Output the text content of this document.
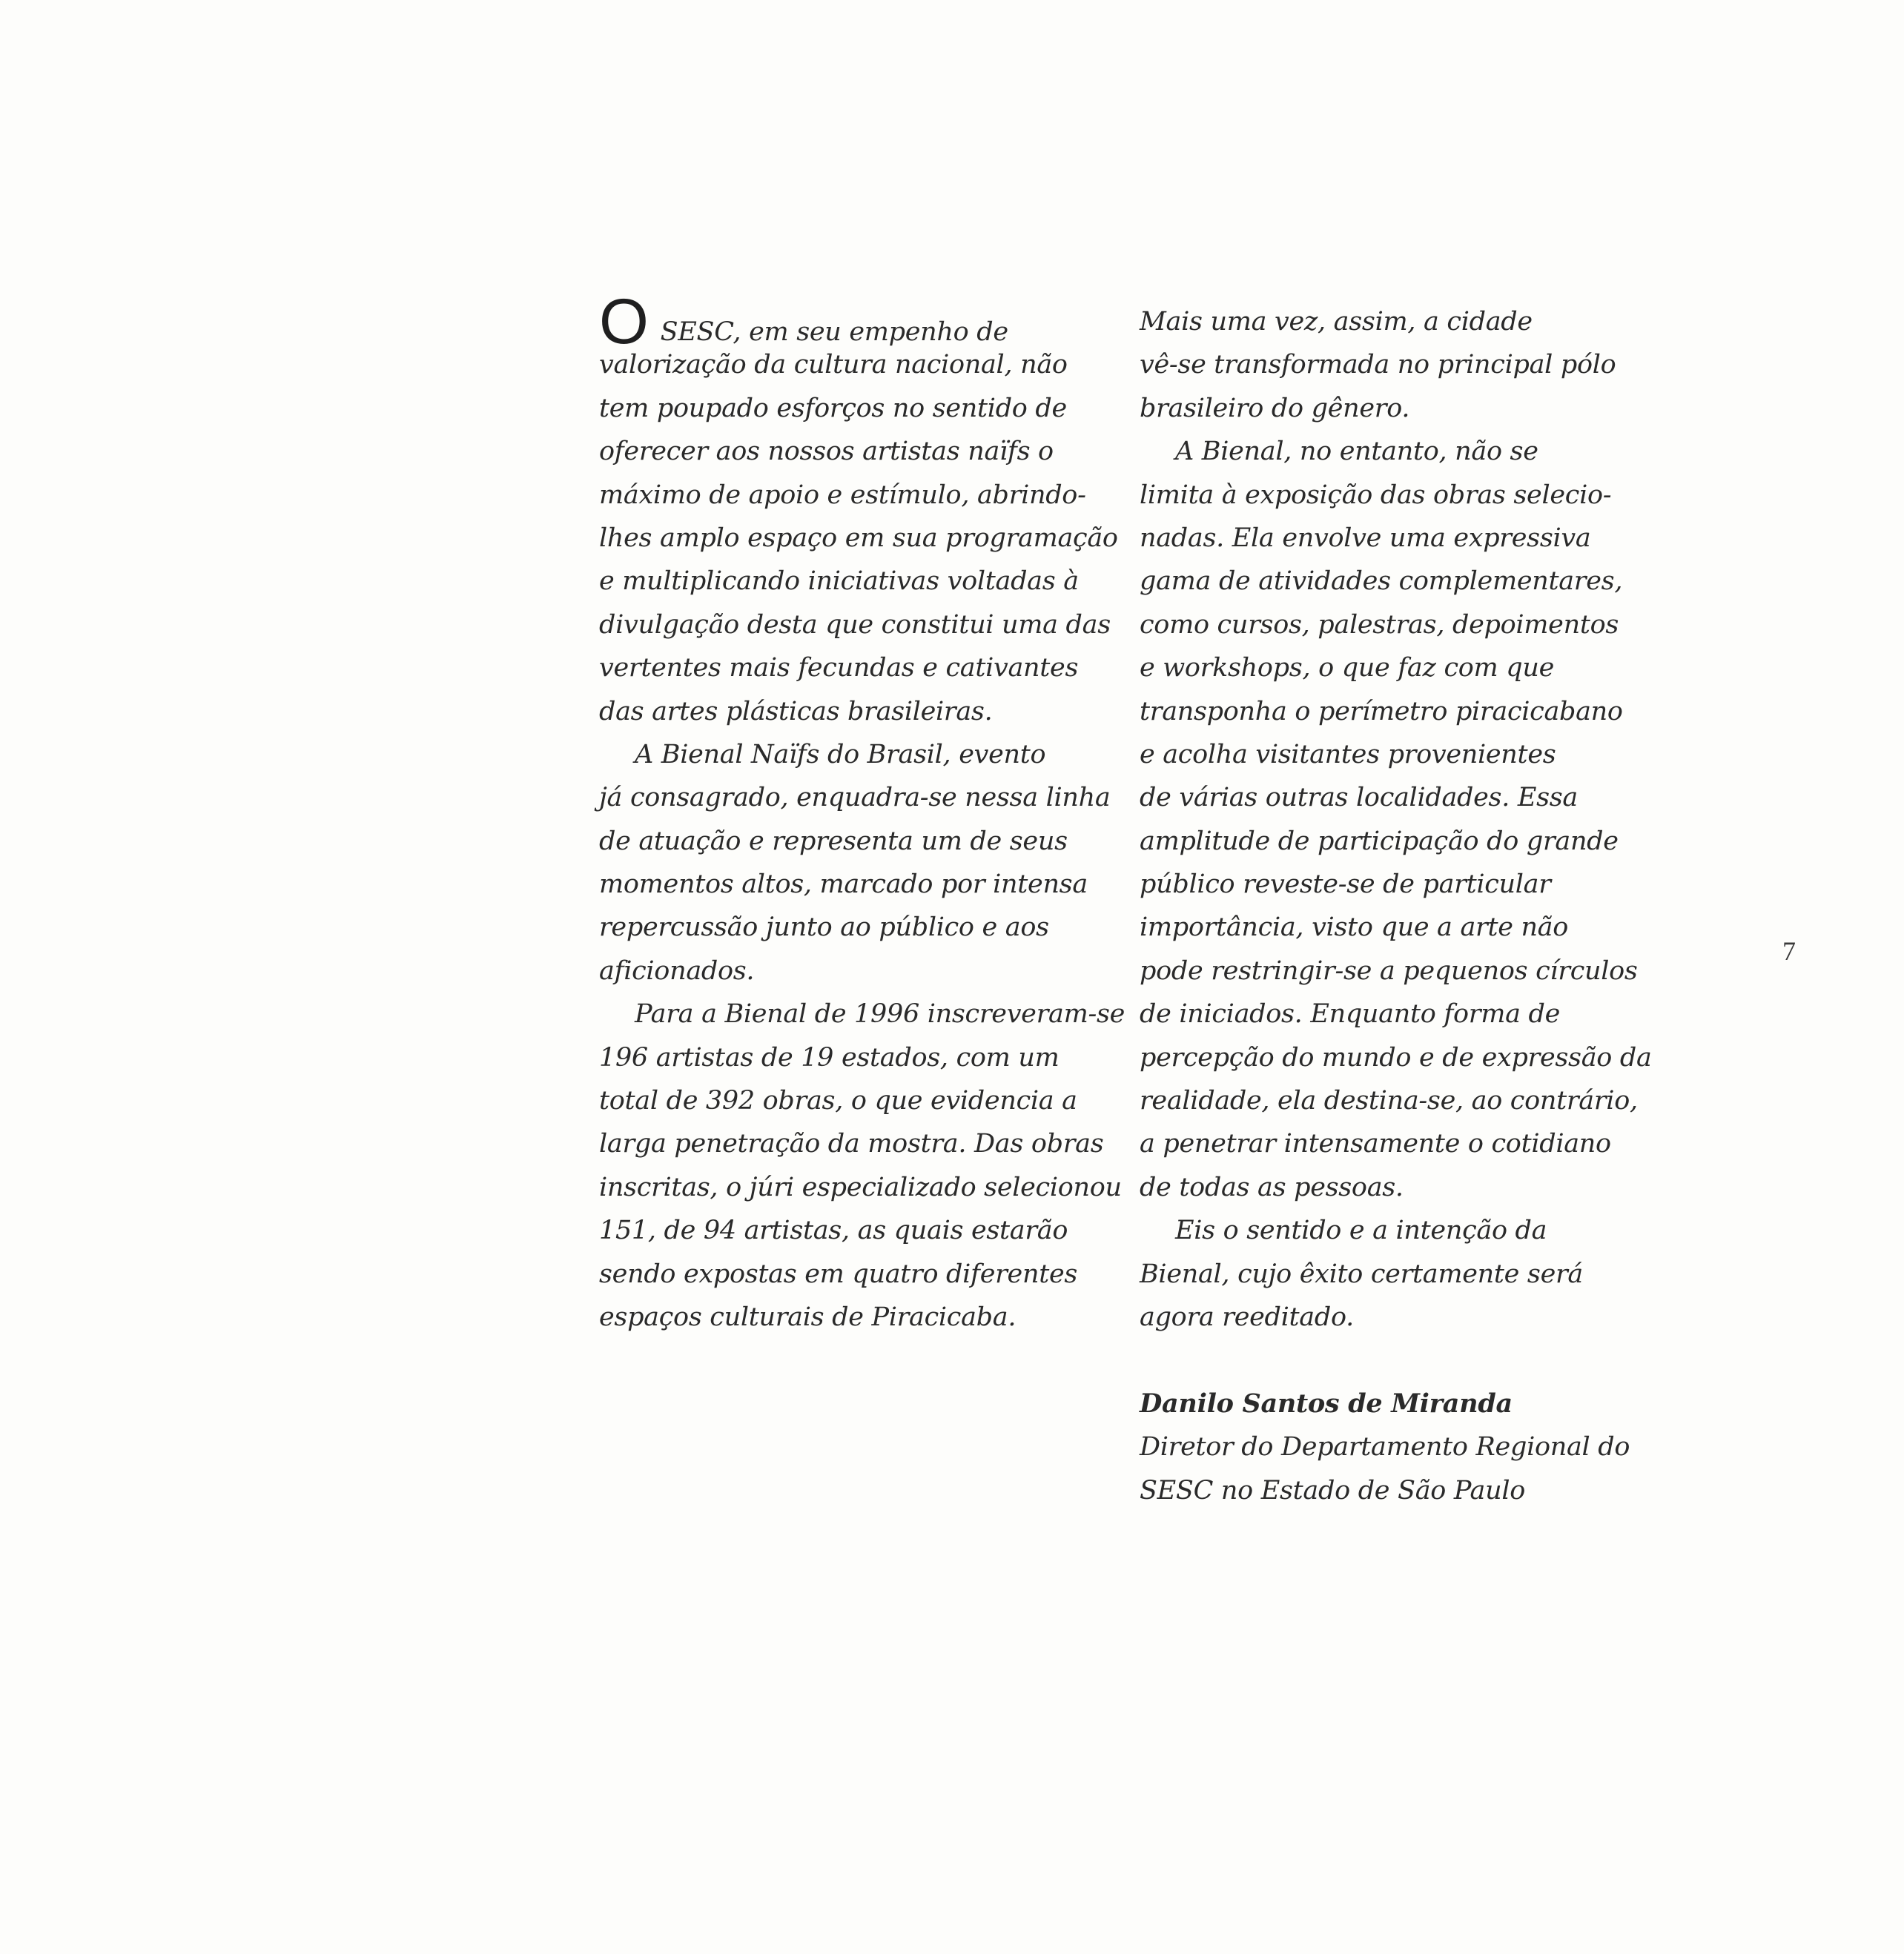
OSESC, em seu empenho de
valorização da cultura nacional, não
tem poupado esforços no sentido de
oferecer aos nossos artistas naïfs o
máximo de apoio e estímulo, abrindo-
lhes amplo espaço em sua programação
e multiplicando iniciativas voltadas à
divulgação desta que constitui uma das
vertentes mais fecundas e cativantes
das artes plásticas brasileiras.
A Bienal Naïfs do Brasil, evento
já consagrado, enquadra-se nessa linha
de atuação e representa um de seus
momentos altos, marcado por intensa
repercussão junto ao público e aos
aficionados.
Para a Bienal de 1996 inscreveram-se
196 artistas de 19 estados, com um
total de 392 obras, o que evidencia a
larga penetração da mostra. Das obras
inscritas, o júri especializado selecionou
151, de 94 artistas, as quais estarão
sendo expostas em quatro diferentes
espaços culturais de Piracicaba.
Mais uma vez, assim, a cidade
vê-se transformada no principal pólo
brasileiro do gênero.
A Bienal, no entanto, não se
limita à exposição das obras selecio-
nadas. Ela envolve uma expressiva
gama de atividades complementares,
como cursos, palestras, depoimentos
e workshops, o que faz com que
transponha o perímetro piracicabano
e acolha visitantes provenientes
de várias outras localidades. Essa
amplitude de participação do grande
público reveste-se de particular
importância, visto que a arte não
pode restringir-se a pequenos círculos
de iniciados. Enquanto forma de
percepção do mundo e de expressão da
realidade, ela destina-se, ao contrário,
a penetrar intensamente o cotidiano
de todas as pessoas.
Eis o sentido e a intenção da
Bienal, cujo êxito certamente será
agora reeditado.
Danilo Santos de Miranda
Diretor do Departamento Regional do
SESC no Estado de São Paulo
7
